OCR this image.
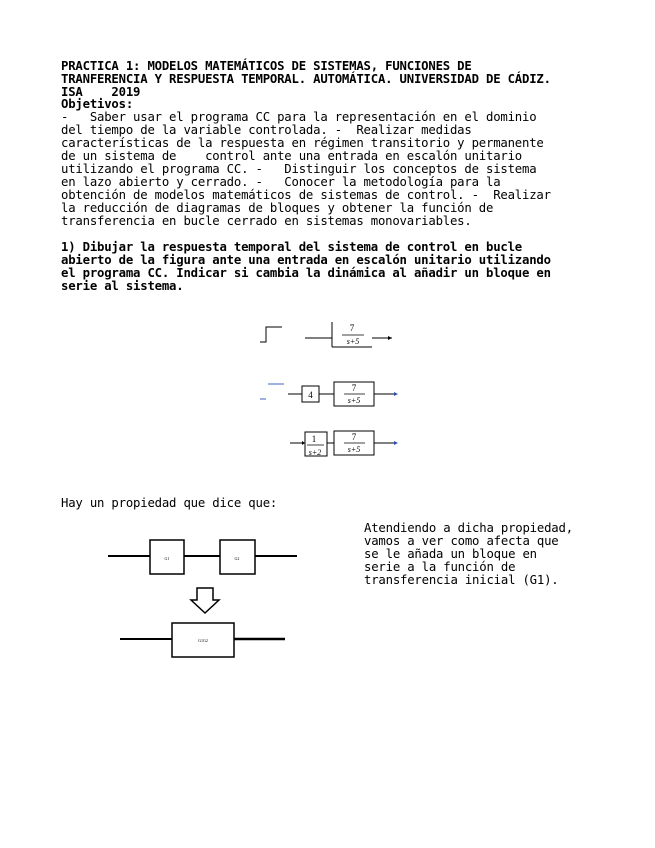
PRACTICA 1: MODELOS MATEMÁTICOS DE SISTEMAS, FUNCIONES DE
TRANFERENCIA Y RESPUESTA TEMPORAL. AUTOMÁTICA. UNIVERSIDAD DE CÁDIZ.
ISA    2019
Objetivos:
-   Saber usar el programa CC para la representación en el dominio
del tiempo de la variable controlada. -  Realizar medidas
características de la respuesta en régimen transitorio y permanente
de un sistema de    control ante una entrada en escalón unitario
utilizando el programa CC. -   Distinguir los conceptos de sistema
en lazo abierto y cerrado. -   Conocer la metodología para la
obtención de modelos matemáticos de sistemas de control. -  Realizar
la reducción de diagramas de bloques y obtener la función de
transferencia en bucle cerrado en sistemas monovariables.
1) Dibujar la respuesta temporal del sistema de control en bucle
abierto de la figura ante una entrada en escalón unitario utilizando
el programa CC. Indicar si cambia la dinámica al añadir un bloque en
serie al sistema.
7
s+5
4
7
s+5
1
s+2
7
s+5
Hay un propiedad que dice que:
G1	G2
G1G2
Atendiendo a dicha propiedad,
vamos a ver como afecta que
se le añada un bloque en
serie a la función de
transferencia inicial (G1).
